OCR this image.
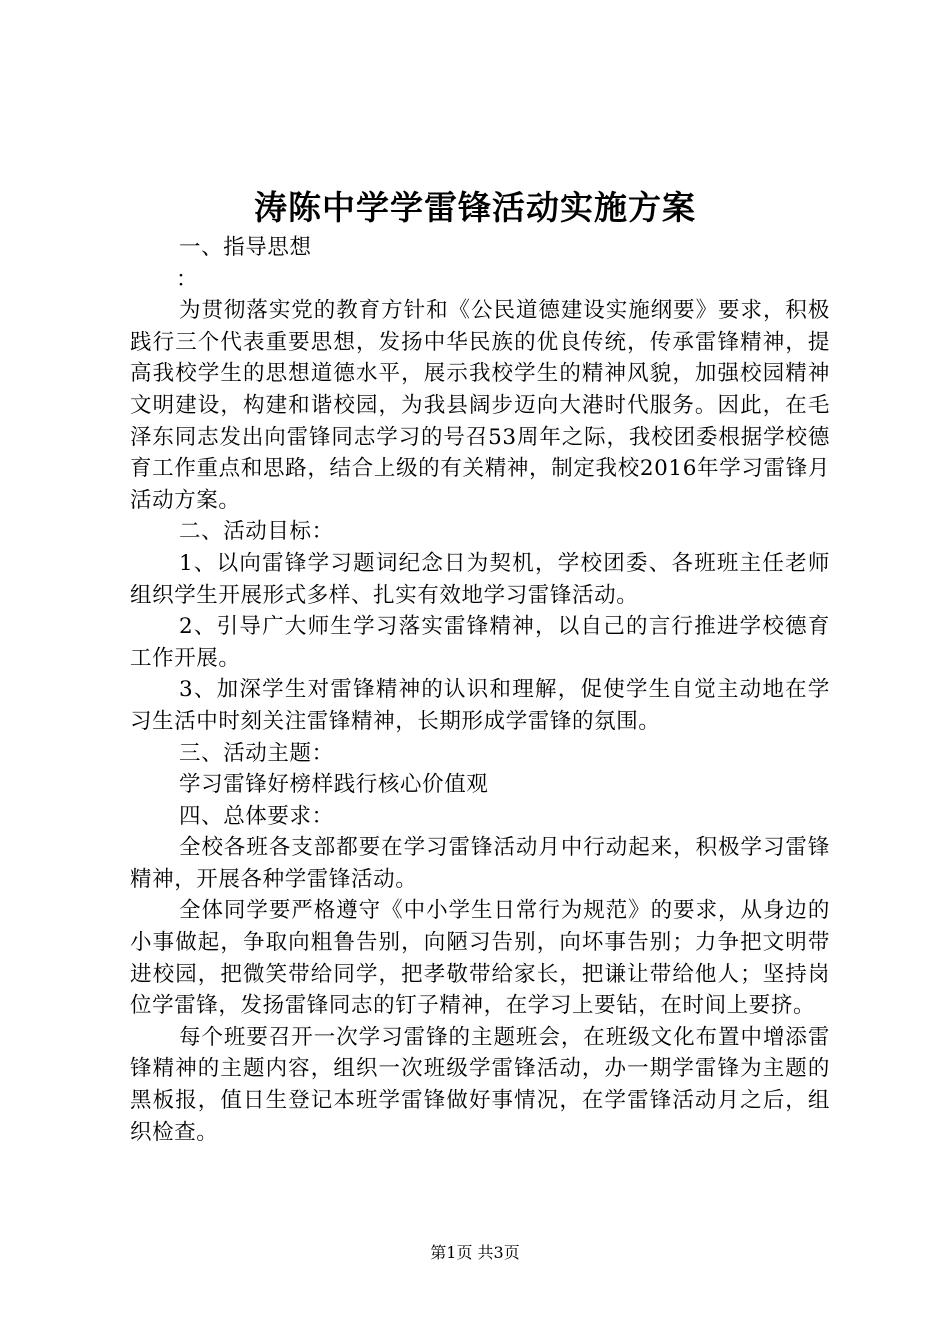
涛陈中学学雷锋活动实施方案

一、指导思想

：

为贯彻落实党的教育方针和《公民道德建设实施纲要》要求，积极践行三个代表重要思想，发扬中华民族的优良传统，传承雷锋精神，提高我校学生的思想道德水平，展示我校学生的精神风貌，加强校园精神文明建设，构建和谐校园，为我县阔步迈向大港时代服务。因此，在毛泽东同志发出向雷锋同志学习的号召53周年之际，我校团委根据学校德育工作重点和思路，结合上级的有关精神，制定我校2016年学习雷锋月活动方案。

二、活动目标：

1、以向雷锋学习题词纪念日为契机，学校团委、各班班主任老师组织学生开展形式多样、扎实有效地学习雷锋活动。

2、引导广大师生学习落实雷锋精神，以自己的言行推进学校德育工作开展。

3、加深学生对雷锋精神的认识和理解，促使学生自觉主动地在学习生活中时刻关注雷锋精神，长期形成学雷锋的氛围。

三、活动主题：

学习雷锋好榜样践行核心价值观

四、总体要求：

全校各班各支部都要在学习雷锋活动月中行动起来，积极学习雷锋精神，开展各种学雷锋活动。

全体同学要严格遵守《中小学生日常行为规范》的要求，从身边的小事做起，争取向粗鲁告别，向陋习告别，向坏事告别；力争把文明带进校园，把微笑带给同学，把孝敬带给家长，把谦让带给他人；坚持岗位学雷锋，发扬雷锋同志的钉子精神，在学习上要钻，在时间上要挤。

每个班要召开一次学习雷锋的主题班会，在班级文化布置中增添雷锋精神的主题内容，组织一次班级学雷锋活动，办一期学雷锋为主题的黑板报，值日生登记本班学雷锋做好事情况，在学雷锋活动月之后，组织检查。

第1页 共3页
